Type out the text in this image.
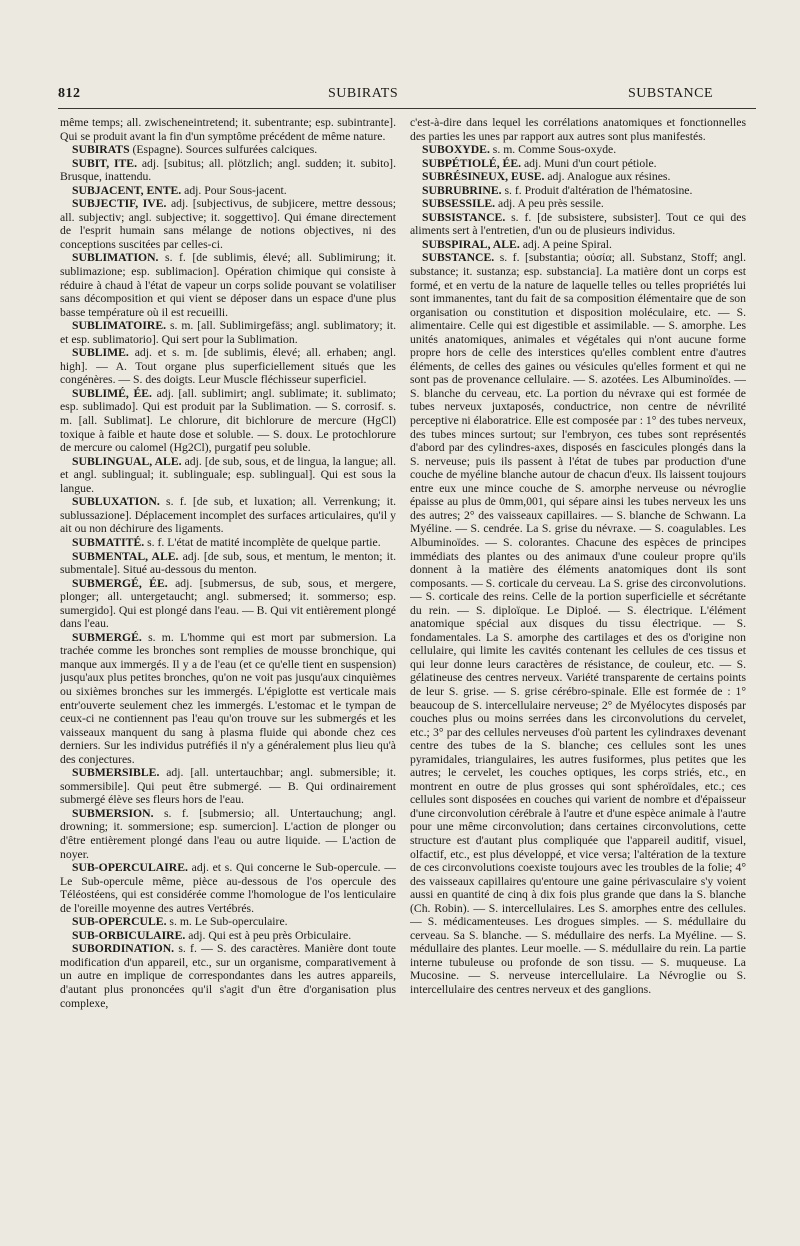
812	SUBIRATS	SUBSTANCE

même temps; all. zwischeneintretend; it. subentrante; esp. subintrante]. Qui se produit avant la fin d'un symptôme précédent de même nature.

SUBIRATS (Espagne). Sources sulfurées calciques.

SUBIT, ITE. adj. [subitus; all. plötzlich; angl. sudden; it. subito]. Brusque, inattendu.

SUBJACENT, ENTE. adj. Pour Sous-jacent.

SUBJECTIF, IVE. adj. [subjectivus, de subjicere, mettre dessous; all. subjectiv; angl. subjective; it. soggettivo]. Qui émane directement de l'esprit humain sans mélange de notions objectives, ni des conceptions suscitées par celles-ci.

SUBLIMATION. s. f. [de sublimis, élevé; all. Sublimirung; it. sublimazione; esp. sublimacion]. Opération chimique qui consiste à réduire à chaud à l'état de vapeur un corps solide pouvant se volatiliser sans décomposition et qui vient se déposer dans un espace d'une plus basse température où il est recueilli.

SUBLIMATOIRE. s. m. [all. Sublimirgefäss; angl. sublimatory; it. et esp. sublimatorio]. Qui sert pour la Sublimation.

SUBLIME. adj. et s. m. [de sublimis, élevé; all. erhaben; angl. high]. — A. Tout organe plus superficiellement situés que les congénères. — S. des doigts. Leur Muscle fléchisseur superficiel.

SUBLIMÉ, ÉE. adj. [all. sublimirt; angl. sublimate; it. sublimato; esp. sublimado]. Qui est produit par la Sublimation. — S. corrosif. s. m. [all. Sublimat]. Le chlorure, dit bichlorure de mercure (HgCl) toxique à faible et haute dose et soluble. — S. doux. Le protochlorure de mercure ou calomel (Hg2Cl), purgatif peu soluble.

SUBLINGUAL, ALE. adj. [de sub, sous, et de lingua, la langue; all. et angl. sublingual; it. sublinguale; esp. sublingual]. Qui est sous la langue.

SUBLUXATION. s. f. [de sub, et luxation; all. Verrenkung; it. sublussazione]. Déplacement incomplet des surfaces articulaires, qu'il y ait ou non déchirure des ligaments.

SUBMATITÉ. s. f. L'état de matité incomplète de quelque partie.

SUBMENTAL, ALE. adj. [de sub, sous, et mentum, le menton; it. submentale]. Situé au-dessous du menton.

SUBMERGÉ, ÉE. adj. [submersus, de sub, sous, et mergere, plonger; all. untergetaucht; angl. submersed; it. sommerso; esp. sumergido]. Qui est plongé dans l'eau. — B. Qui vit entièrement plongé dans l'eau.

SUBMERGÉ. s. m. L'homme qui est mort par submersion. La trachée comme les bronches sont remplies de mousse bronchique, qui manque aux immergés. Il y a de l'eau (et ce qu'elle tient en suspension) jusqu'aux plus petites bronches, qu'on ne voit pas jusqu'aux cinquièmes ou sixièmes bronches sur les immergés. L'épiglotte est verticale mais entr'ouverte seulement chez les immergés. L'estomac et le tympan de ceux-ci ne contiennent pas l'eau qu'on trouve sur les submergés et les vaisseaux manquent du sang à plasma fluide qui abonde chez ces derniers. Sur les individus putréfiés il n'y a généralement plus lieu qu'à des conjectures.

SUBMERSIBLE. adj. [all. untertauchbar; angl. submersible; it. sommersibile]. Qui peut être submergé. — B. Qui ordinairement submergé élève ses fleurs hors de l'eau.

SUBMERSION. s. f. [submersio; all. Untertauchung; angl. drowning; it. sommersione; esp. sumercion]. L'action de plonger ou d'être entièrement plongé dans l'eau ou autre liquide. — L'action de noyer.

SUB-OPERCULAIRE. adj. et s. Qui concerne le Sub-opercule. — Le Sub-opercule même, pièce au-dessous de l'os opercule des Téléostéens, qui est considérée comme l'homologue de l'os lenticulaire de l'oreille moyenne des autres Vertébrés.

SUB-OPERCULE. s. m. Le Sub-operculaire.

SUB-ORBICULAIRE. adj. Qui est à peu près Orbiculaire.

SUBORDINATION. s. f. — S. des caractères. Manière dont toute modification d'un appareil, etc., sur un organisme, comparativement à un autre en implique de correspondantes dans les autres appareils, d'autant plus prononcées qu'il s'agit d'un être d'organisation plus complexe,

c'est-à-dire dans lequel les corrélations anatomiques et fonctionnelles des parties les unes par rapport aux autres sont plus manifestés.

SUBOXYDE. s. m. Comme Sous-oxyde.

SUBPÉTIOLÉ, ÉE. adj. Muni d'un court pétiole.

SUBRÉSINEUX, EUSE. adj. Analogue aux résines.

SUBRUBRINE. s. f. Produit d'altération de l'hématosine.

SUBSESSILE. adj. A peu près sessile.

SUBSISTANCE. s. f. [de subsistere, subsister]. Tout ce qui des aliments sert à l'entretien, d'un ou de plusieurs individus.

SUBSPIRAL, ALE. adj. A peine Spiral.

SUBSTANCE. s. f. [substantia; οὐσία; all. Substanz, Stoff; angl. substance; it. sustanza; esp. substancia]. La matière dont un corps est formé, et en vertu de la nature de laquelle telles ou telles propriétés lui sont immanentes, tant du fait de sa composition élémentaire que de son organisation ou constitution et disposition moléculaire, etc. — S. alimentaire. Celle qui est digestible et assimilable. — S. amorphe. Les unités anatomiques, animales et végétales qui n'ont aucune forme propre hors de celle des interstices qu'elles comblent entre d'autres éléments, de celles des gaines ou vésicules qu'elles forment et qui ne sont pas de provenance cellulaire. — S. azotées. Les Albuminoïdes. — S. blanche du cerveau, etc. La portion du névraxe qui est formée de tubes nerveux juxtaposés, conductrice, non centre de névrilité perceptive ni élaboratrice. Elle est composée par : 1° des tubes nerveux, des tubes minces surtout; sur l'embryon, ces tubes sont représentés d'abord par des cylindres-axes, disposés en fascicules plongés dans la S. nerveuse; puis ils passent à l'état de tubes par production d'une couche de myéline blanche autour de chacun d'eux. Ils laissent toujours entre eux une mince couche de S. amorphe nerveuse ou névroglie épaisse au plus de 0mm,001, qui sépare ainsi les tubes nerveux les uns des autres; 2° des vaisseaux capillaires. — S. blanche de Schwann. La Myéline. — S. cendrée. La S. grise du névraxe. — S. coagulables. Les Albuminoïdes. — S. colorantes. Chacune des espèces de principes immédiats des plantes ou des animaux d'une couleur propre qu'ils donnent à la matière des éléments anatomiques dont ils sont composants. — S. corticale du cerveau. La S. grise des circonvolutions. — S. corticale des reins. Celle de la portion superficielle et sécrétante du rein. — S. diploïque. Le Diploé. — S. électrique. L'élément anatomique spécial aux disques du tissu électrique. — S. fondamentales. La S. amorphe des cartilages et des os d'origine non cellulaire, qui limite les cavités contenant les cellules de ces tissus et qui leur donne leurs caractères de résistance, de couleur, etc. — S. gélatineuse des centres nerveux. Variété transparente de certains points de leur S. grise. — S. grise cérébro-spinale. Elle est formée de : 1° beaucoup de S. intercellulaire nerveuse; 2° de Myélocytes disposés par couches plus ou moins serrées dans les circonvolutions du cervelet, etc.; 3° par des cellules nerveuses d'où partent les cylindraxes devenant centre des tubes de la S. blanche; ces cellules sont les unes pyramidales, triangulaires, les autres fusiformes, plus petites que les autres; le cervelet, les couches optiques, les corps striés, etc., en montrent en outre de plus grosses qui sont sphéroïdales, etc.; ces cellules sont disposées en couches qui varient de nombre et d'épaisseur d'une circonvolution cérébrale à l'autre et d'une espèce animale à l'autre pour une même circonvolution; dans certaines circonvolutions, cette structure est d'autant plus compliquée que l'appareil auditif, visuel, olfactif, etc., est plus développé, et vice versa; l'altération de la texture de ces circonvolutions coexiste toujours avec les troubles de la folie; 4° des vaisseaux capillaires qu'entoure une gaine périvasculaire s'y voient aussi en quantité de cinq à dix fois plus grande que dans la S. blanche (Ch. Robin). — S. intercellulaires. Les S. amorphes entre des cellules. — S. médicamenteuses. Les drogues simples. — S. médullaire du cerveau. Sa S. blanche. — S. médullaire des nerfs. La Myéline. — S. médullaire des plantes. Leur moelle. — S. médullaire du rein. La partie interne tubuleuse ou profonde de son tissu. — S. muqueuse. La Mucosine. — S. nerveuse intercellulaire. La Névroglie ou S. intercellulaire des centres nerveux et des ganglions.
